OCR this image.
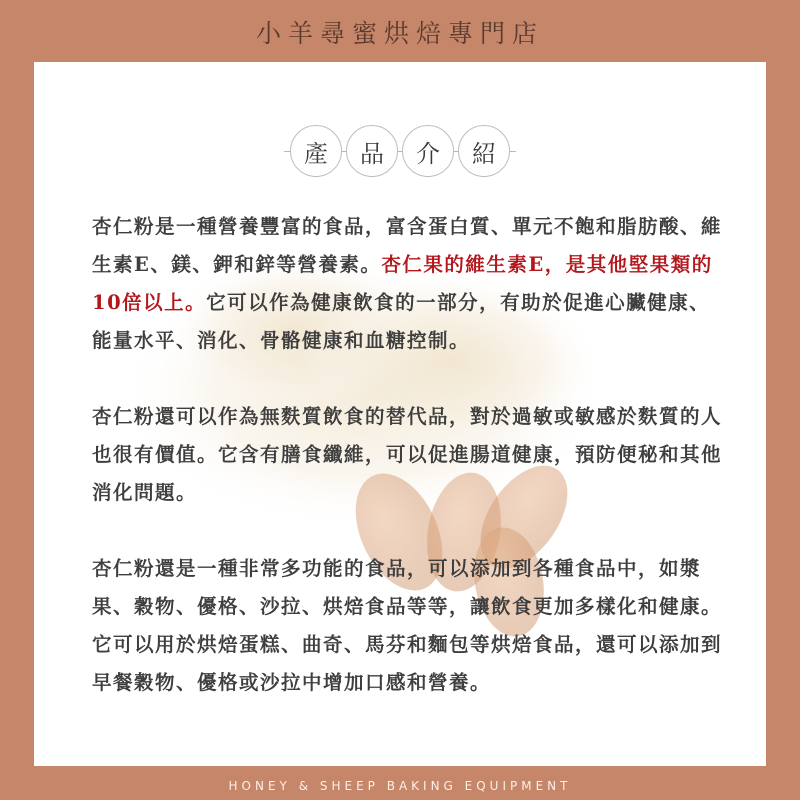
小羊尋蜜烘焙專門店
產	品	介	紹

杏仁粉是一種營養豐富的食品，富含蛋白質、單元不飽和脂肪酸、維生素E、鎂、鉀和鋅等營養素。杏仁果的維生素E，是其他堅果類的10倍以上。它可以作為健康飲食的一部分，有助於促進心臟健康、能量水平、消化、骨骼健康和血糖控制。

杏仁粉還可以作為無麩質飲食的替代品，對於過敏或敏感於麩質的人也很有價值。它含有膳食纖維，可以促進腸道健康，預防便秘和其他消化問題。

杏仁粉還是一種非常多功能的食品，可以添加到各種食品中，如漿果、穀物、優格、沙拉、烘焙食品等等，讓飲食更加多樣化和健康。它可以用於烘焙蛋糕、曲奇、馬芬和麵包等烘焙食品，還可以添加到早餐穀物、優格或沙拉中增加口感和營養。

HONEY & SHEEP BAKING EQUIPMENT
